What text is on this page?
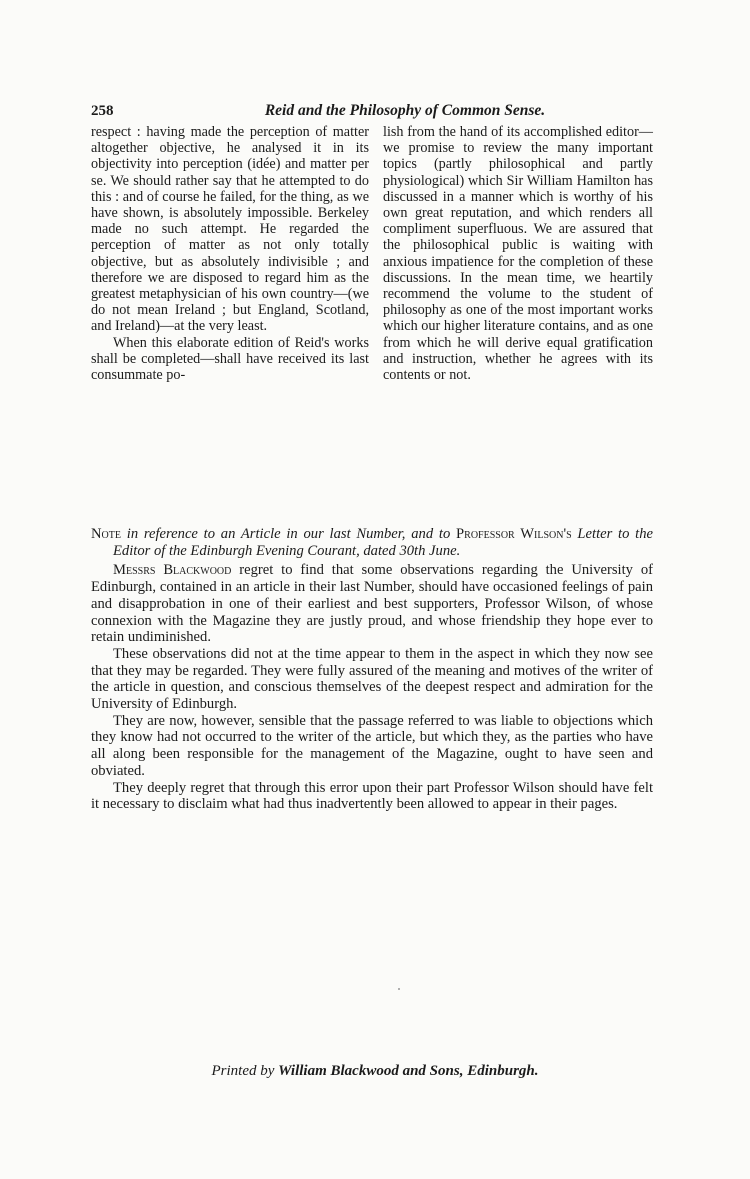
258	Reid and the Philosophy of Common Sense.

respect : having made the perception of matter altogether objective, he analysed it in its objectivity into perception (idée) and matter per se. We should rather say that he attempted to do this : and of course he failed, for the thing, as we have shown, is absolutely impossible. Berkeley made no such attempt. He regarded the perception of matter as not only totally objective, but as absolutely indivisible ; and therefore we are disposed to regard him as the greatest metaphysician of his own country—(we do not mean Ireland ; but England, Scotland, and Ireland)—at the very least.

When this elaborate edition of Reid's works shall be completed—shall have received its last consummate po-

lish from the hand of its accomplished editor—we promise to review the many important topics (partly philosophical and partly physiological) which Sir William Hamilton has discussed in a manner which is worthy of his own great reputation, and which renders all compliment superfluous. We are assured that the philosophical public is waiting with anxious impatience for the completion of these discussions. In the mean time, we heartily recommend the volume to the student of philosophy as one of the most important works which our higher literature contains, and as one from which he will derive equal gratification and instruction, whether he agrees with its contents or not.

Note in reference to an Article in our last Number, and to Professor Wilson's Letter to the Editor of the Edinburgh Evening Courant, dated 30th June.

Messrs Blackwood regret to find that some observations regarding the University of Edinburgh, contained in an article in their last Number, should have occasioned feelings of pain and disapprobation in one of their earliest and best supporters, Professor Wilson, of whose connexion with the Magazine they are justly proud, and whose friendship they hope ever to retain undiminished.

These observations did not at the time appear to them in the aspect in which they now see that they may be regarded. They were fully assured of the meaning and motives of the writer of the article in question, and conscious themselves of the deepest respect and admiration for the University of Edinburgh.

They are now, however, sensible that the passage referred to was liable to objections which they know had not occurred to the writer of the article, but which they, as the parties who have all along been responsible for the management of the Magazine, ought to have seen and obviated.

They deeply regret that through this error upon their part Professor Wilson should have felt it necessary to disclaim what had thus inadvertently been allowed to appear in their pages.

Printed by William Blackwood and Sons, Edinburgh.
